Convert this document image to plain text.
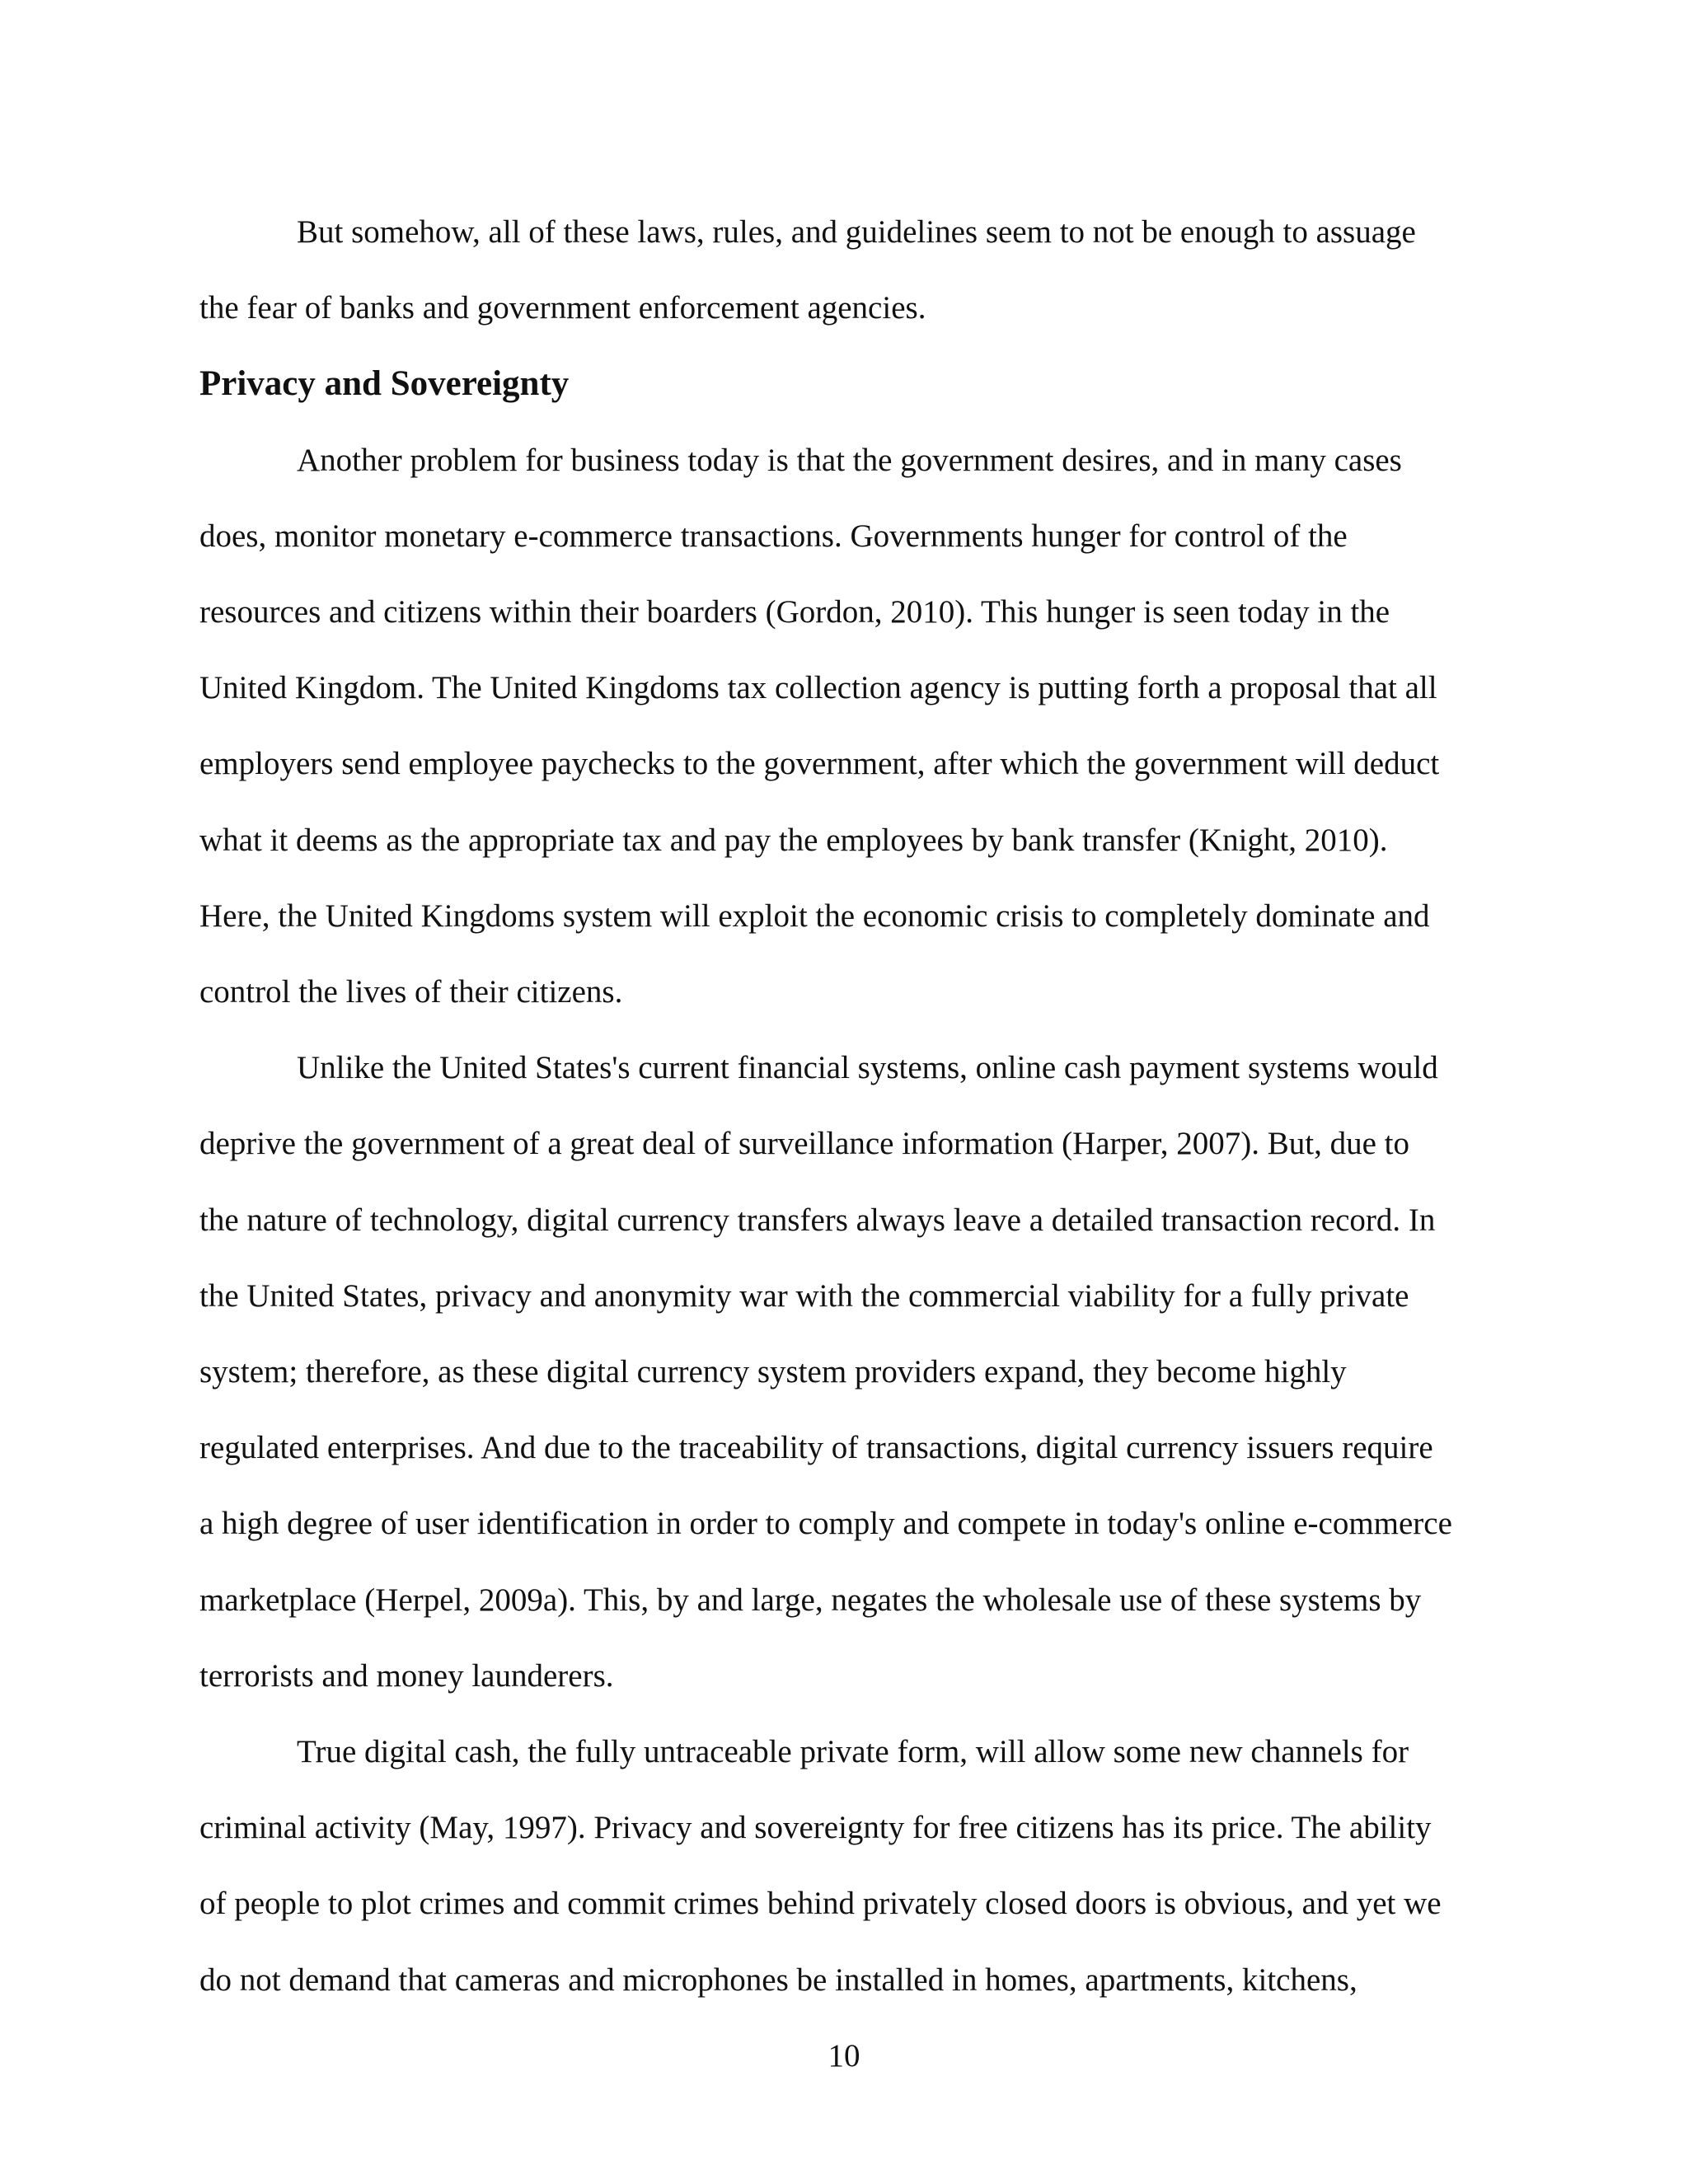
But somehow, all of these laws, rules, and guidelines seem to not be enough to assuage
the fear of banks and government enforcement agencies.

Privacy and Sovereignty

Another problem for business today is that the government desires, and in many cases
does, monitor monetary e-commerce transactions. Governments hunger for control of the
resources and citizens within their boarders (Gordon, 2010). This hunger is seen today in the
United Kingdom. The United Kingdoms tax collection agency is putting forth a proposal that all
employers send employee paychecks to the government, after which the government will deduct
what it deems as the appropriate tax and pay the employees by bank transfer (Knight, 2010).
Here, the United Kingdoms system will exploit the economic crisis to completely dominate and
control the lives of their citizens.

Unlike the United States's current financial systems, online cash payment systems would
deprive the government of a great deal of surveillance information (Harper, 2007). But, due to
the nature of technology, digital currency transfers always leave a detailed transaction record. In
the United States, privacy and anonymity war with the commercial viability for a fully private
system; therefore, as these digital currency system providers expand, they become highly
regulated enterprises. And due to the traceability of transactions, digital currency issuers require
a high degree of user identification in order to comply and compete in today's online e-commerce
marketplace (Herpel, 2009a). This, by and large, negates the wholesale use of these systems by
terrorists and money launderers.

True digital cash, the fully untraceable private form, will allow some new channels for
criminal activity (May, 1997). Privacy and sovereignty for free citizens has its price. The ability
of people to plot crimes and commit crimes behind privately closed doors is obvious, and yet we
do not demand that cameras and microphones be installed in homes, apartments, kitchens,

10
